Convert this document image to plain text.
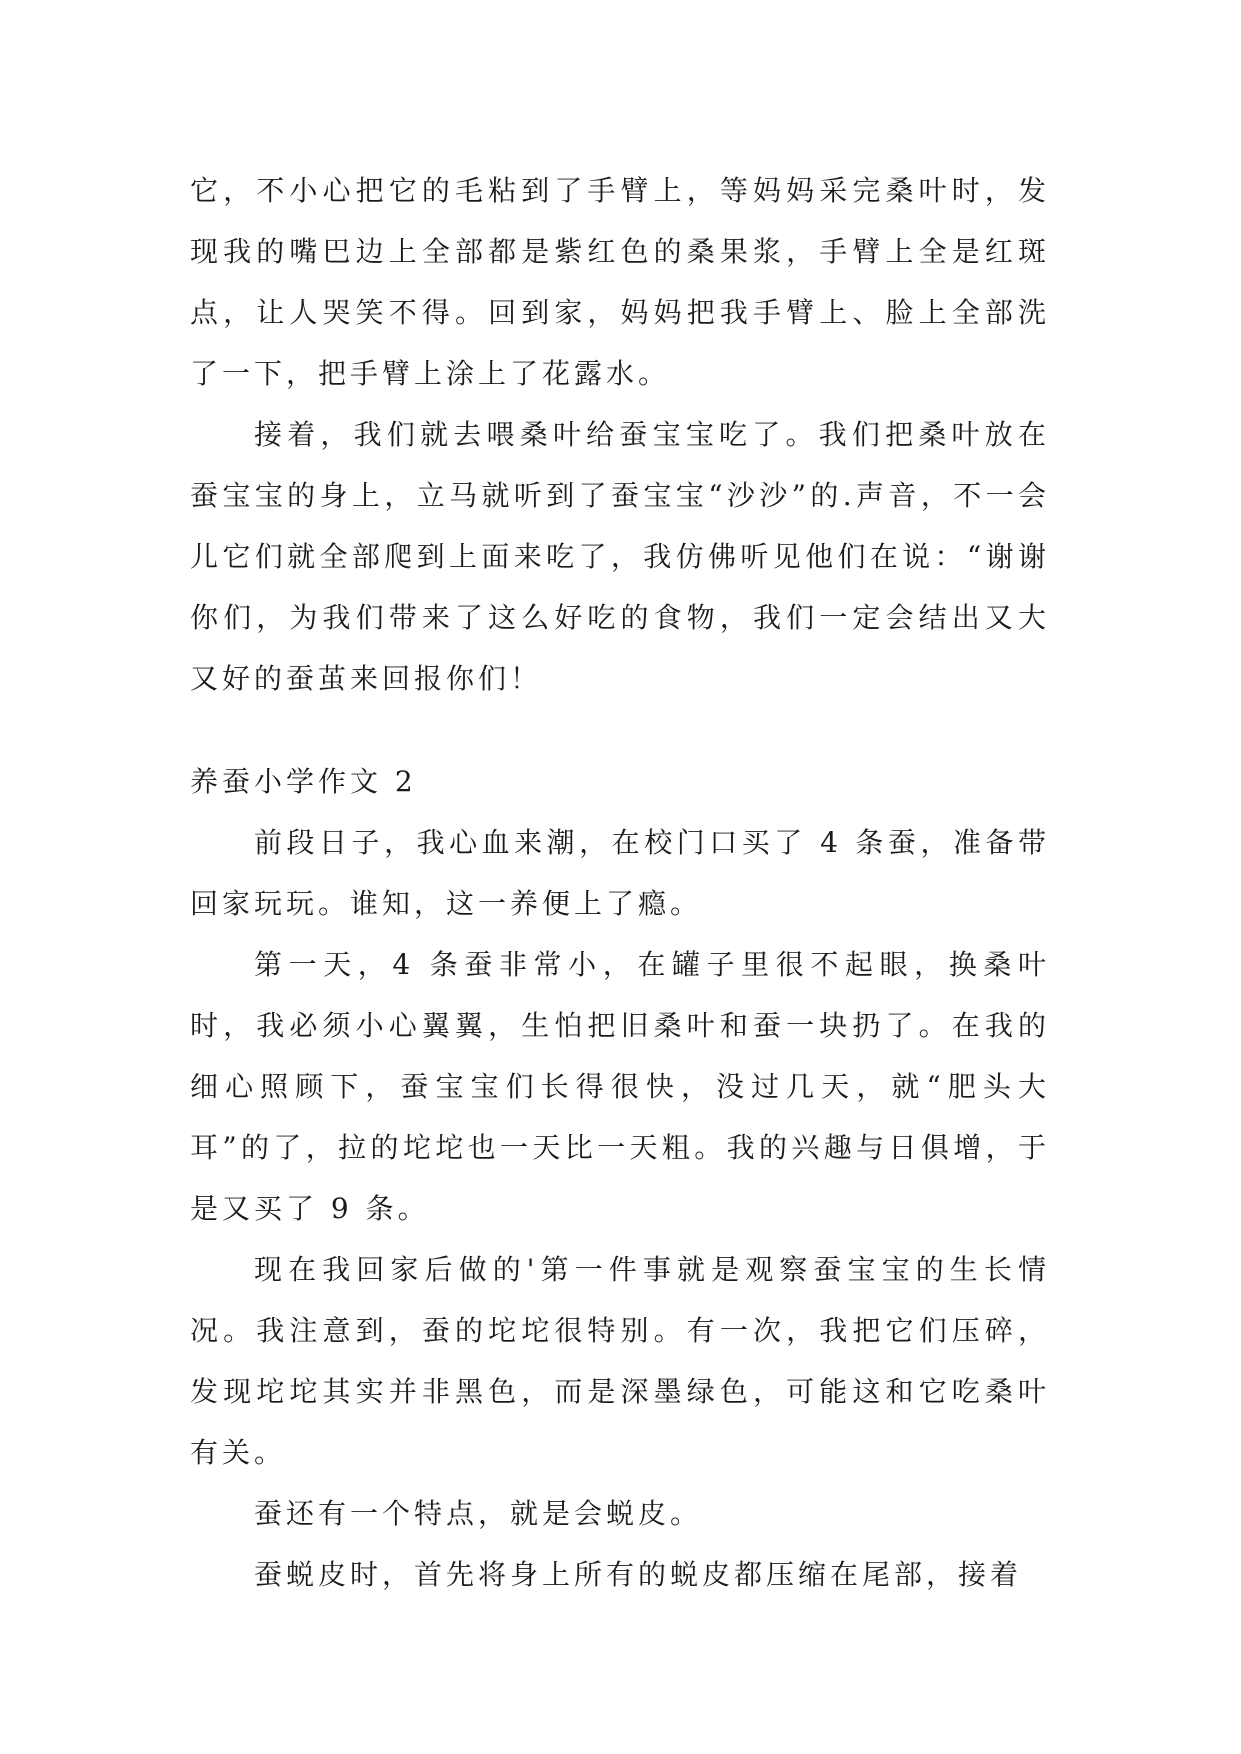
它，不小心把它的毛粘到了手臂上，等妈妈采完桑叶时，发现我的嘴巴边上全部都是紫红色的桑果浆，手臂上全是红斑点，让人哭笑不得。回到家，妈妈把我手臂上、脸上全部洗了一下，把手臂上涂上了花露水。

接着，我们就去喂桑叶给蚕宝宝吃了。我们把桑叶放在蚕宝宝的身上，立马就听到了蚕宝宝“沙沙”的.声音，不一会儿它们就全部爬到上面来吃了，我仿佛听见他们在说：“谢谢你们，为我们带来了这么好吃的食物，我们一定会结出又大又好的蚕茧来回报你们！

养蚕小学作文 2

前段日子，我心血来潮，在校门口买了 4 条蚕，准备带回家玩玩。谁知，这一养便上了瘾。

第一天，4 条蚕非常小，在罐子里很不起眼，换桑叶时，我必须小心翼翼，生怕把旧桑叶和蚕一块扔了。在我的细心照顾下，蚕宝宝们长得很快，没过几天，就“肥头大耳”的了，拉的坨坨也一天比一天粗。我的兴趣与日俱增，于是又买了 9 条。

现在我回家后做的'第一件事就是观察蚕宝宝的生长情况。我注意到，蚕的坨坨很特别。有一次，我把它们压碎，发现坨坨其实并非黑色，而是深墨绿色，可能这和它吃桑叶有关。

蚕还有一个特点，就是会蜕皮。

蚕蜕皮时，首先将身上所有的蜕皮都压缩在尾部，接着
